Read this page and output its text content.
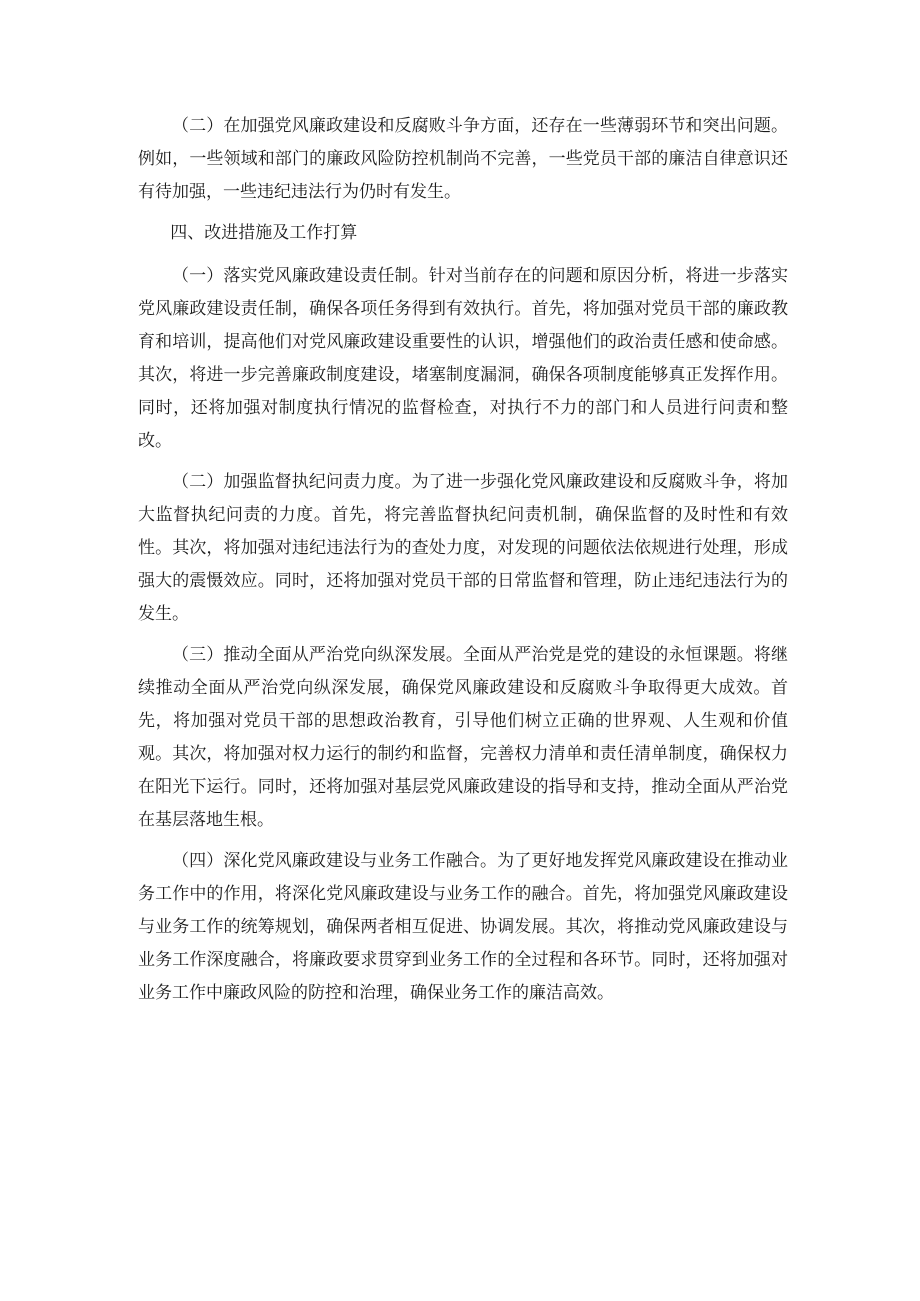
（二）在加强党风廉政建设和反腐败斗争方面，还存在一些薄弱环节和突出问题。例如，一些领域和部门的廉政风险防控机制尚不完善，一些党员干部的廉洁自律意识还有待加强，一些违纪违法行为仍时有发生。

四、改进措施及工作打算

（一）落实党风廉政建设责任制。针对当前存在的问题和原因分析，将进一步落实党风廉政建设责任制，确保各项任务得到有效执行。首先，将加强对党员干部的廉政教育和培训，提高他们对党风廉政建设重要性的认识，增强他们的政治责任感和使命感。其次，将进一步完善廉政制度建设，堵塞制度漏洞，确保各项制度能够真正发挥作用。同时，还将加强对制度执行情况的监督检查，对执行不力的部门和人员进行问责和整改。

（二）加强监督执纪问责力度。为了进一步强化党风廉政建设和反腐败斗争，将加大监督执纪问责的力度。首先，将完善监督执纪问责机制，确保监督的及时性和有效性。其次，将加强对违纪违法行为的查处力度，对发现的问题依法依规进行处理，形成强大的震慑效应。同时，还将加强对党员干部的日常监督和管理，防止违纪违法行为的发生。

（三）推动全面从严治党向纵深发展。全面从严治党是党的建设的永恒课题。将继续推动全面从严治党向纵深发展，确保党风廉政建设和反腐败斗争取得更大成效。首先，将加强对党员干部的思想政治教育，引导他们树立正确的世界观、人生观和价值观。其次，将加强对权力运行的制约和监督，完善权力清单和责任清单制度，确保权力在阳光下运行。同时，还将加强对基层党风廉政建设的指导和支持，推动全面从严治党在基层落地生根。

（四）深化党风廉政建设与业务工作融合。为了更好地发挥党风廉政建设在推动业务工作中的作用，将深化党风廉政建设与业务工作的融合。首先，将加强党风廉政建设与业务工作的统筹规划，确保两者相互促进、协调发展。其次，将推动党风廉政建设与业务工作深度融合，将廉政要求贯穿到业务工作的全过程和各环节。同时，还将加强对业务工作中廉政风险的防控和治理，确保业务工作的廉洁高效。
